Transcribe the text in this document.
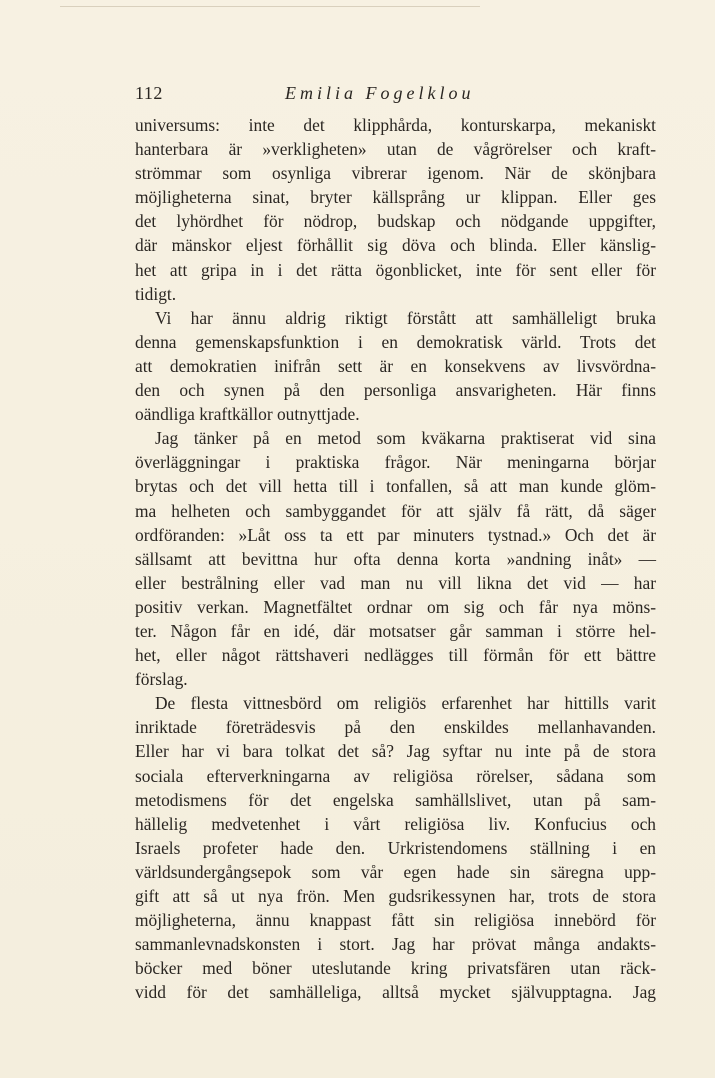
112	Emilia Fogelklou
universums: inte det klipphårda, konturskarpa, mekaniskt
hanterbara är »verkligheten» utan de vågrörelser och kraft-
strömmar som osynliga vibrerar igenom. När de skönjbara
möjligheterna sinat, bryter källsprång ur klippan. Eller ges
det lyhördhet för nödrop, budskap och nödgande uppgifter,
där mänskor eljest förhållit sig döva och blinda. Eller känslig-
het att gripa in i det rätta ögonblicket, inte för sent eller för
tidigt.
Vi har ännu aldrig riktigt förstått att samhälleligt bruka
denna gemenskapsfunktion i en demokratisk värld. Trots det
att demokratien inifrån sett är en konsekvens av livsvördna-
den och synen på den personliga ansvarigheten. Här finns
oändliga kraftkällor outnyttjade.
Jag tänker på en metod som kväkarna praktiserat vid sina
överläggningar i praktiska frågor. När meningarna börjar
brytas och det vill hetta till i tonfallen, så att man kunde glöm-
ma helheten och sambyggandet för att själv få rätt, då säger
ordföranden: »Låt oss ta ett par minuters tystnad.» Och det är
sällsamt att bevittna hur ofta denna korta »andning inåt» —
eller bestrålning eller vad man nu vill likna det vid — har
positiv verkan. Magnetfältet ordnar om sig och får nya möns-
ter. Någon får en idé, där motsatser går samman i större hel-
het, eller något rättshaveri nedlägges till förmån för ett bättre
förslag.
De flesta vittnesbörd om religiös erfarenhet har hittills varit
inriktade företrädesvis på den enskildes mellanhavanden.
Eller har vi bara tolkat det så? Jag syftar nu inte på de stora
sociala efterverkningarna av religiösa rörelser, sådana som
metodismens för det engelska samhällslivet, utan på sam-
hällelig medvetenhet i vårt religiösa liv. Konfucius och
Israels profeter hade den. Urkristendomens ställning i en
världsundergångsepok som vår egen hade sin säregna upp-
gift att så ut nya frön. Men gudsrikessynen har, trots de stora
möjligheterna, ännu knappast fått sin religiösa innebörd för
sammanlevnadskonsten i stort. Jag har prövat många andakts-
böcker med böner uteslutande kring privatsfären utan räck-
vidd för det samhälleliga, alltså mycket självupptagna. Jag
